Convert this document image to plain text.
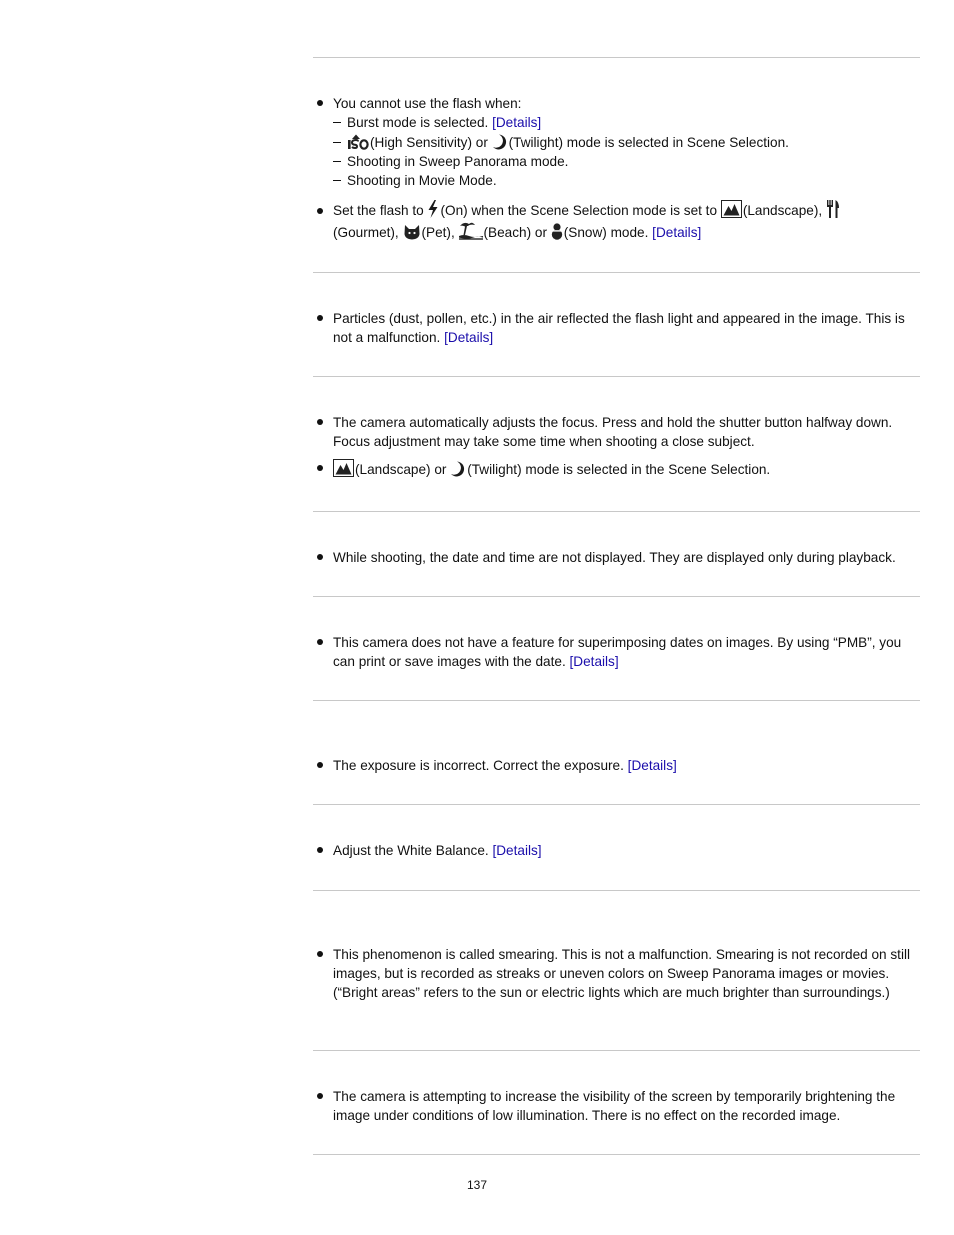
You cannot use the flash when:
Burst mode is selected. [Details]
(High Sensitivity) or (Twilight) mode is selected in Scene Selection.
Shooting in Sweep Panorama mode.
Shooting in Movie Mode.
Set the flash to (On) when the Scene Selection mode is set to (Landscape),

(Gourmet), (Pet), (Beach) or (Snow) mode. [Details]
Particles (dust, pollen, etc.) in the air reflected the flash light and appeared in the image. This is not a malfunction. [Details]
The camera automatically adjusts the focus. Press and hold the shutter button halfway down. Focus adjustment may take some time when shooting a close subject.
(Landscape) or (Twilight) mode is selected in the Scene Selection.
While shooting, the date and time are not displayed. They are displayed only during playback.
This camera does not have a feature for superimposing dates on images. By using “PMB”, you can print or save images with the date. [Details]
The exposure is incorrect. Correct the exposure. [Details]
Adjust the White Balance. [Details]
This phenomenon is called smearing. This is not a malfunction. Smearing is not recorded on still images, but is recorded as streaks or uneven colors on Sweep Panorama images or movies.
(“Bright areas” refers to the sun or electric lights which are much brighter than surroundings.)
The camera is attempting to increase the visibility of the screen by temporarily brightening the image under conditions of low illumination. There is no effect on the recorded image.
137
